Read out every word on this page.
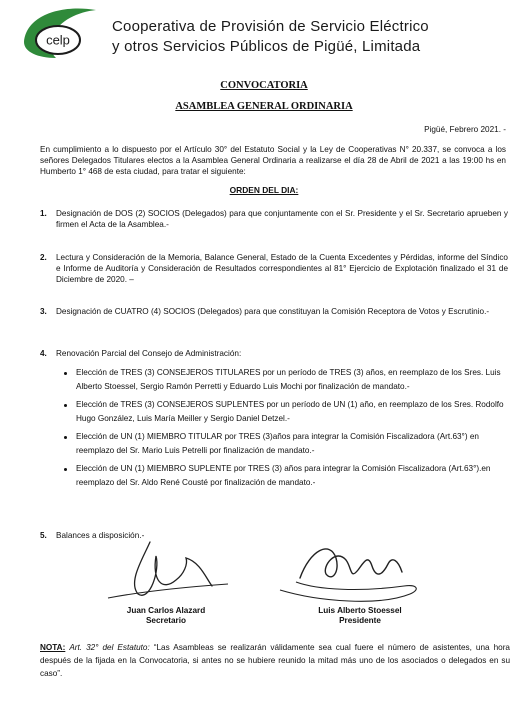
celp
Cooperativa de Provisión de Servicio Eléctrico
y otros Servicios Públicos de Pigüé, Limitada
CONVOCATORIA
ASAMBLEA GENERAL ORDINARIA
Pigüé, Febrero 2021. -
En cumplimiento a lo dispuesto por el Artículo 30° del Estatuto Social y la Ley de Cooperativas N° 20.337, se convoca a los señores Delegados Titulares electos a la Asamblea General Ordinaria a realizarse el día 28 de Abril de 2021 a las 19:00 hs en Humberto 1° 468 de esta ciudad, para tratar el siguiente:
ORDEN DEL DIA:
1. Designación de DOS (2) SOCIOS (Delegados) para que conjuntamente con el Sr. Presidente y el Sr. Secretario aprueben y firmen el Acta de la Asamblea.-
2. Lectura y Consideración de la Memoria, Balance General, Estado de la Cuenta Excedentes y Pérdidas, informe del Síndico e Informe de Auditoría y Consideración de Resultados correspondientes al 81° Ejercicio de Explotación finalizado el 31 de Diciembre de 2020. –
3. Designación de CUATRO (4) SOCIOS (Delegados) para que constituyan la Comisión Receptora de Votos y Escrutinio.-
4. Renovación Parcial del Consejo de Administración:
Elección de TRES (3) CONSEJEROS TITULARES por un período de TRES (3) años, en reemplazo de los Sres. Luis Alberto Stoessel, Sergio Ramón Perretti y Eduardo Luis Mochi por finalización de mandato.-
Elección de TRES (3) CONSEJEROS SUPLENTES por un período de UN (1) año, en reemplazo de los Sres. Rodolfo Hugo González, Luis María Meiller y Sergio Daniel Detzel.-
Elección de UN (1) MIEMBRO TITULAR por TRES (3)años para integrar la Comisión Fiscalizadora (Art.63°) en reemplazo del Sr. Mario Luis Petrelli por finalización de mandato.-
Elección de UN (1) MIEMBRO SUPLENTE por TRES (3) años para integrar la Comisión Fiscalizadora (Art.63°).en reemplazo del Sr. Aldo René Cousté por finalización de mandato.-
5. Balances a disposición.-
Juan Carlos Alazard
Secretario
Luis Alberto Stoessel
Presidente
NOTA: Art. 32° del Estatuto: “Las Asambleas se realizarán válidamente sea cual fuere el número de asistentes, una hora después de la fijada en la Convocatoria, si antes no se hubiere reunido la mitad más uno de los asociados o delegados en su caso”.
